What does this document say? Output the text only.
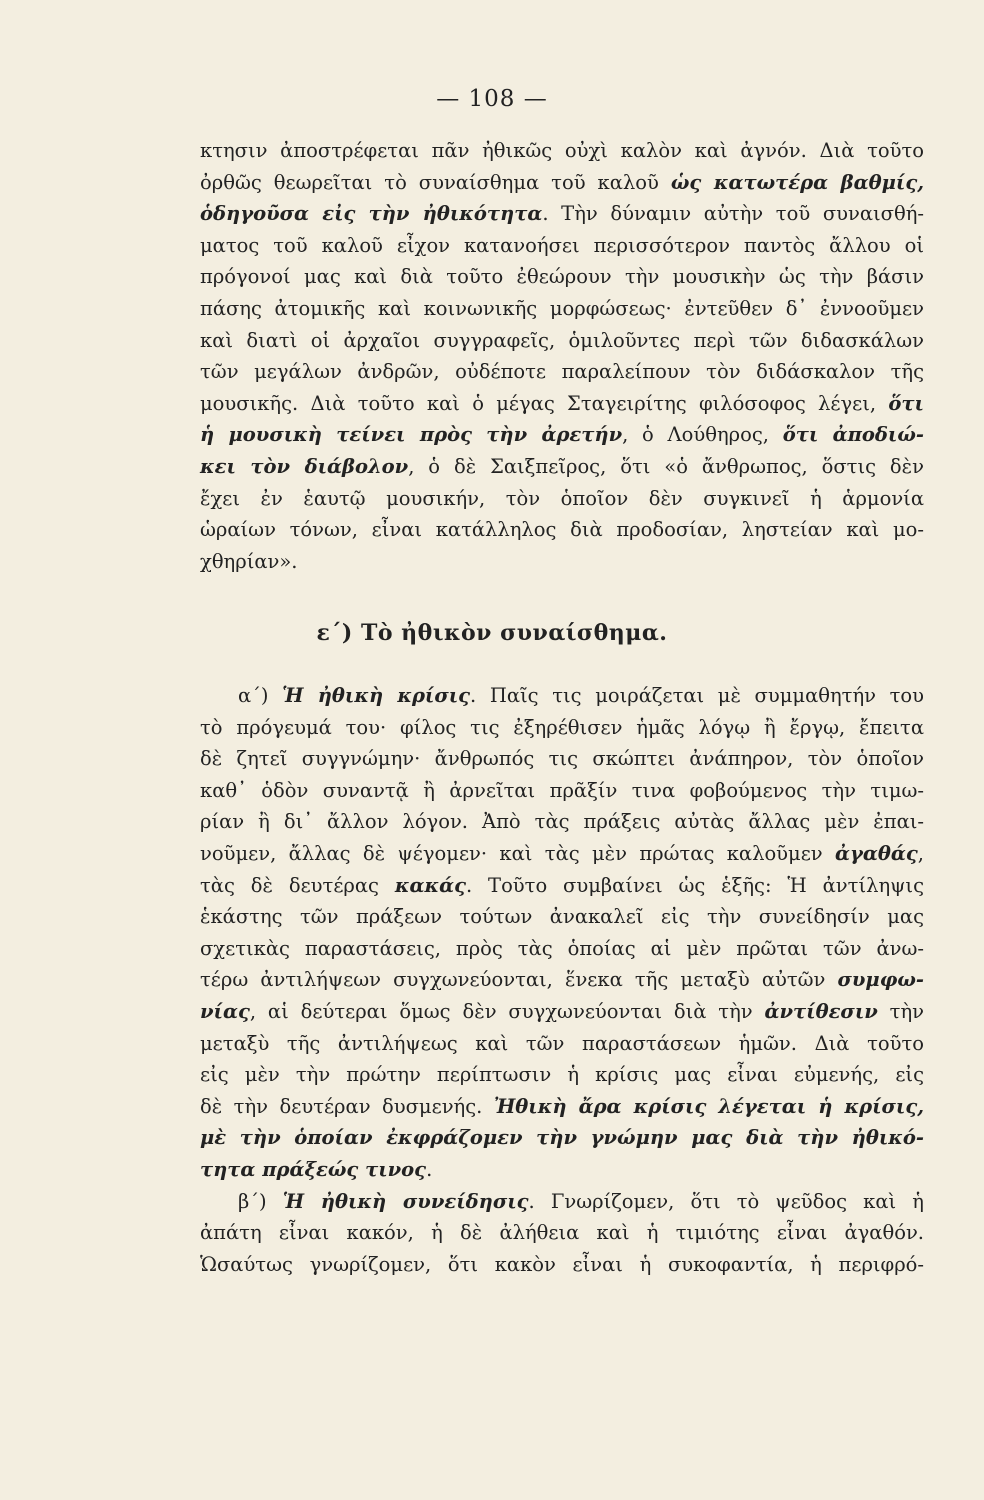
— 108 —
κτησιν ἀποστρέφεται πᾶν ἠθικῶς οὐχὶ καλὸν καὶ ἀγνόν. Διὰ τοῦτο
ὀρθῶς θεωρεῖται τὸ συναίσθημα τοῦ καλοῦ ὡς κατωτέρα βαθμίς,
ὁδηγοῦσα εἰς τὴν ἠθικότητα. Τὴν δύναμιν αὐτὴν τοῦ συναισθή-
ματος τοῦ καλοῦ εἶχον κατανοήσει περισσότερον παντὸς ἄλλου οἱ
πρόγονοί μας καὶ διὰ τοῦτο ἐθεώρουν τὴν μουσικὴν ὡς τὴν βάσιν
πάσης ἀτομικῆς καὶ κοινωνικῆς μορφώσεως· ἐντεῦθεν δ᾿ ἐννοοῦμεν
καὶ διατὶ οἱ ἀρχαῖοι συγγραφεῖς, ὁμιλοῦντες περὶ τῶν διδασκάλων
τῶν μεγάλων ἀνδρῶν, οὐδέποτε παραλείπουν τὸν διδάσκαλον τῆς
μουσικῆς. Διὰ τοῦτο καὶ ὁ μέγας Σταγειρίτης φιλόσοφος λέγει, ὅτι
ἡ μουσικὴ τείνει πρὸς τὴν ἀρετήν, ὁ Λούθηρος, ὅτι ἀποδιώ-
κει τὸν διάβολον, ὁ δὲ Σαιξπεῖρος, ὅτι «ὁ ἄνθρωπος, ὅστις δὲν
ἔχει ἐν ἑαυτῷ μουσικήν, τὸν ὁποῖον δὲν συγκινεῖ ἡ ἁρμονία
ὡραίων τόνων, εἶναι κατάλληλος διὰ προδοσίαν, ληστείαν καὶ μο-
χθηρίαν».
ε΄) Τὸ ἠθικὸν συναίσθημα.
α΄) Ἡ ἠθικὴ κρίσις. Παῖς τις μοιράζεται μὲ συμμαθητήν του
τὸ πρόγευμά του· φίλος τις ἐξηρέθισεν ἡμᾶς λόγῳ ἢ ἔργῳ, ἔπειτα
δὲ ζητεῖ συγγνώμην· ἄνθρωπός τις σκώπτει ἀνάπηρον, τὸν ὁποῖον
καθ᾿ ὁδὸν συναντᾷ ἢ ἀρνεῖται πρᾶξίν τινα φοβούμενος τὴν τιμω-
ρίαν ἢ δι᾿ ἄλλον λόγον. Ἀπὸ τὰς πράξεις αὐτὰς ἄλλας μὲν ἐπαι-
νοῦμεν, ἄλλας δὲ ψέγομεν· καὶ τὰς μὲν πρώτας καλοῦμεν ἀγαθάς,
τὰς δὲ δευτέρας κακάς. Τοῦτο συμβαίνει ὡς ἑξῆς: Ἡ ἀντίληψις
ἑκάστης τῶν πράξεων τούτων ἀνακαλεῖ εἰς τὴν συνείδησίν μας
σχετικὰς παραστάσεις, πρὸς τὰς ὁποίας αἱ μὲν πρῶται τῶν ἀνω-
τέρω ἀντιλήψεων συγχωνεύονται, ἕνεκα τῆς μεταξὺ αὐτῶν συμφω-
νίας, αἱ δεύτεραι ὅμως δὲν συγχωνεύονται διὰ τὴν ἀντίθεσιν τὴν
μεταξὺ τῆς ἀντιλήψεως καὶ τῶν παραστάσεων ἡμῶν. Διὰ τοῦτο
εἰς μὲν τὴν πρώτην περίπτωσιν ἡ κρίσις μας εἶναι εὐμενής, εἰς
δὲ τὴν δευτέραν δυσμενής. Ἠθικὴ ἄρα κρίσις λέγεται ἡ κρίσις,
μὲ τὴν ὁποίαν ἐκφράζομεν τὴν γνώμην μας διὰ τὴν ἠθικό-
τητα πράξεώς τινος.
β΄) Ἡ ἠθικὴ συνείδησις. Γνωρίζομεν, ὅτι τὸ ψεῦδος καὶ ἡ
ἀπάτη εἶναι κακόν, ἡ δὲ ἀλήθεια καὶ ἡ τιμιότης εἶναι ἀγαθόν.
Ὡσαύτως γνωρίζομεν, ὅτι κακὸν εἶναι ἡ συκοφαντία, ἡ περιφρό-
